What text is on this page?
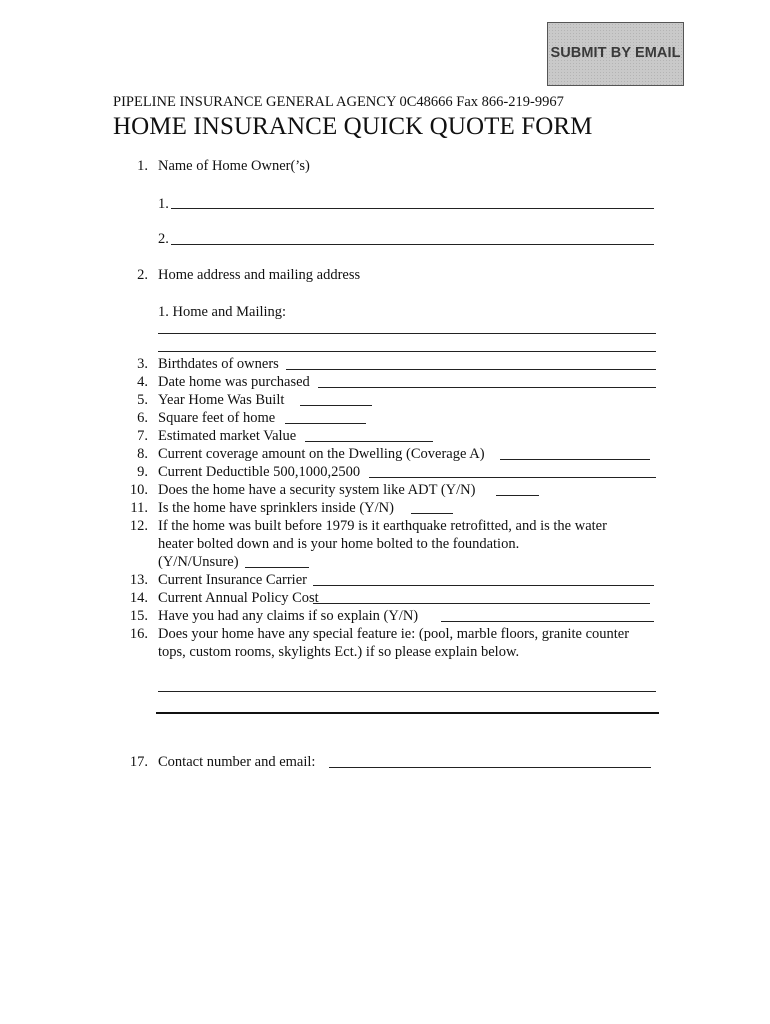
SUBMIT BY EMAIL
PIPELINE INSURANCE GENERAL AGENCY 0C48666 Fax 866-219-9967
HOME INSURANCE QUICK QUOTE FORM
1. Name of Home Owner(’s)
1.
2.
2. Home address and mailing address
1. Home and Mailing:
3. Birthdates of owners
4. Date home was purchased
5. Year Home Was Built
6. Square feet of home
7. Estimated market Value
8. Current coverage amount on the Dwelling (Coverage A)
9. Current Deductible 500,1000,2500
10. Does the home have a security system like ADT (Y/N)
11. Is the home have sprinklers inside (Y/N)
12. If the home was built before 1979 is it earthquake retrofitted, and is the water
heater bolted down and is your home bolted to the foundation.
(Y/N/Unsure)
13. Current Insurance Carrier
14. Current Annual Policy Cost
15. Have you had any claims if so explain (Y/N)
16. Does your home have any special feature ie: (pool, marble floors, granite counter
tops, custom rooms, skylights Ect.) if so please explain below.
17. Contact number and email:
